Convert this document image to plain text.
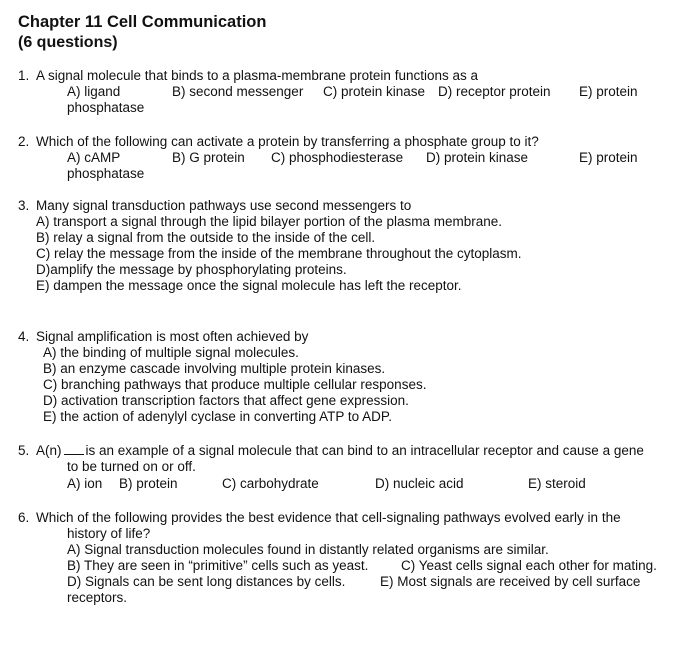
Chapter 11 Cell Communication
(6 questions)
1. A signal molecule that binds to a plasma-membrane protein functions as a
A) ligand	B) second messenger C) protein kinase D) receptor protein E) protein
phosphatase
2. Which of the following can activate a protein by transferring a phosphate group to it?
A) cAMP	B) G protein C) phosphodiesterase D) protein kinase	E) protein
phosphatase
3. Many signal transduction pathways use second messengers to
A) transport a signal through the lipid bilayer portion of the plasma membrane.
B) relay a signal from the outside to the inside of the cell.
C) relay the message from the inside of the membrane throughout the cytoplasm.
D)amplify the message by phosphorylating proteins.
E) dampen the message once the signal molecule has left the receptor.
4. Signal amplification is most often achieved by
A) the binding of multiple signal molecules.
B) an enzyme cascade involving multiple protein kinases.
C) branching pathways that produce multiple cellular responses.
D) activation transcription factors that affect gene expression.
E) the action of adenylyl cyclase in converting ATP to ADP.
5. A(n) is an example of a signal molecule that can bind to an intracellular receptor and cause a gene
to be turned on or off.
A) ion B) protein	C) carbohydrate	D) nucleic acid	E) steroid
6. Which of the following provides the best evidence that cell-signaling pathways evolved early in the
history of life?
A) Signal transduction molecules found in distantly related organisms are similar.
B) They are seen in “primitive” cells such as yeast. C) Yeast cells signal each other for mating.
D) Signals can be sent long distances by cells.	E) Most signals are received by cell surface
receptors.
